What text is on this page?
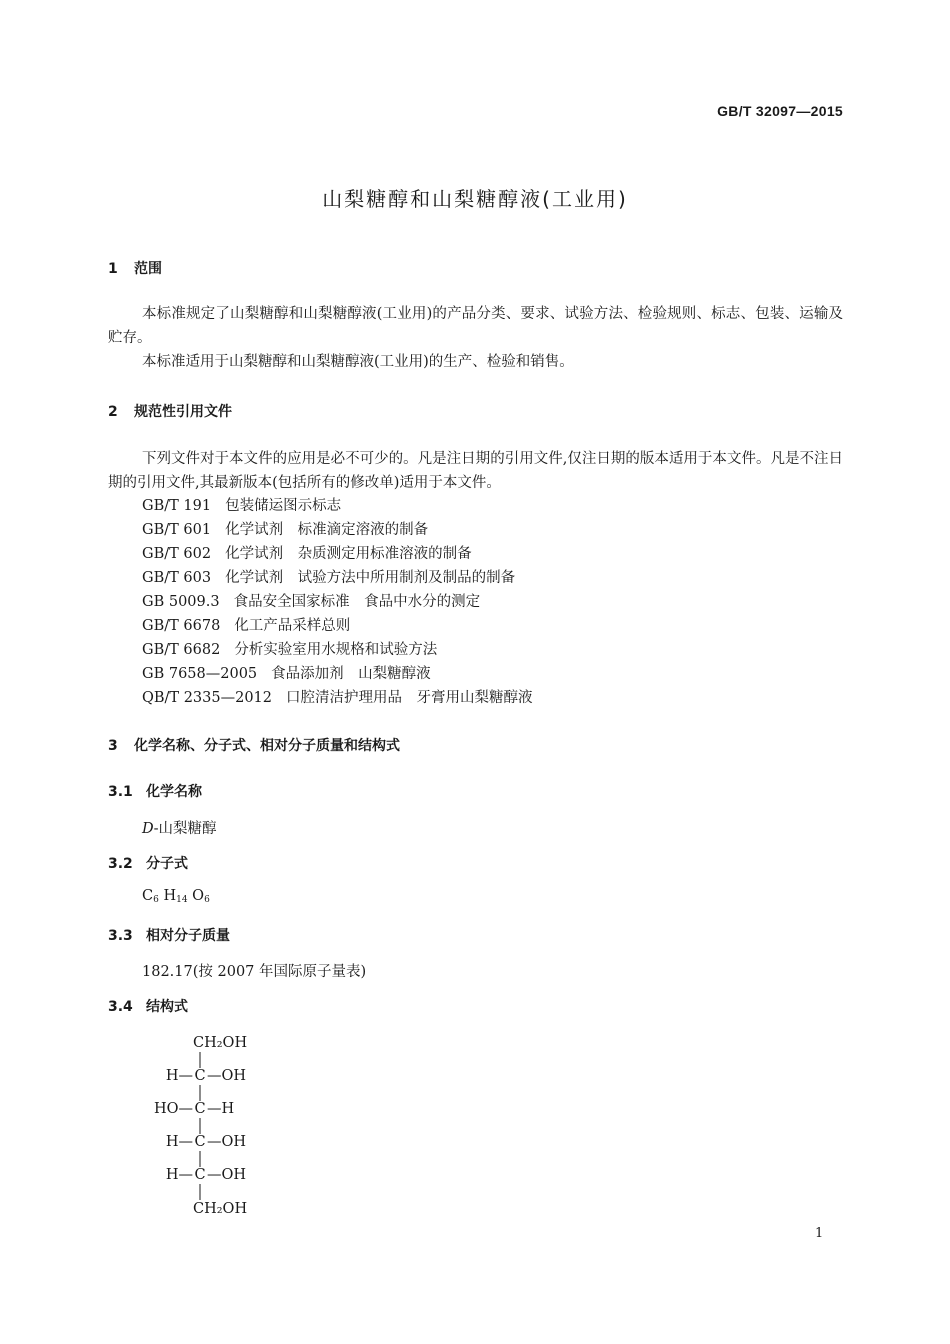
GB/T 32097—2015
山梨糖醇和山梨糖醇液(工业用)
1 范围
本标准规定了山梨糖醇和山梨糖醇液(工业用)的产品分类、要求、试验方法、检验规则、标志、包装、运输及贮存。
本标准适用于山梨糖醇和山梨糖醇液(工业用)的生产、检验和销售。
2 规范性引用文件
下列文件对于本文件的应用是必不可少的。凡是注日期的引用文件,仅注日期的版本适用于本文件。凡是不注日期的引用文件,其最新版本(包括所有的修改单)适用于本文件。
GB/T 191 包装储运图示标志
GB/T 601 化学试剂　标准滴定溶液的制备
GB/T 602 化学试剂　杂质测定用标准溶液的制备
GB/T 603 化学试剂　试验方法中所用制剂及制品的制备
GB 5009.3 食品安全国家标准　食品中水分的测定
GB/T 6678 化工产品采样总则
GB/T 6682 分析实验室用水规格和试验方法
GB 7658—2005 食品添加剂　山梨糖醇液
QB/T 2335—2012 口腔清洁护理用品　牙膏用山梨糖醇液
3 化学名称、分子式、相对分子质量和结构式
3.1 化学名称
D-山梨糖醇
3.2 分子式
$C_6$ $H_{14}$ $O_6$
3.3 相对分子质量
182.17(按 2007 年国际原子量表)
3.4 结构式
CH₂OH
H— C —OH
HO— C —H
H— C —OH
H— C —OH
CH₂OH
1
